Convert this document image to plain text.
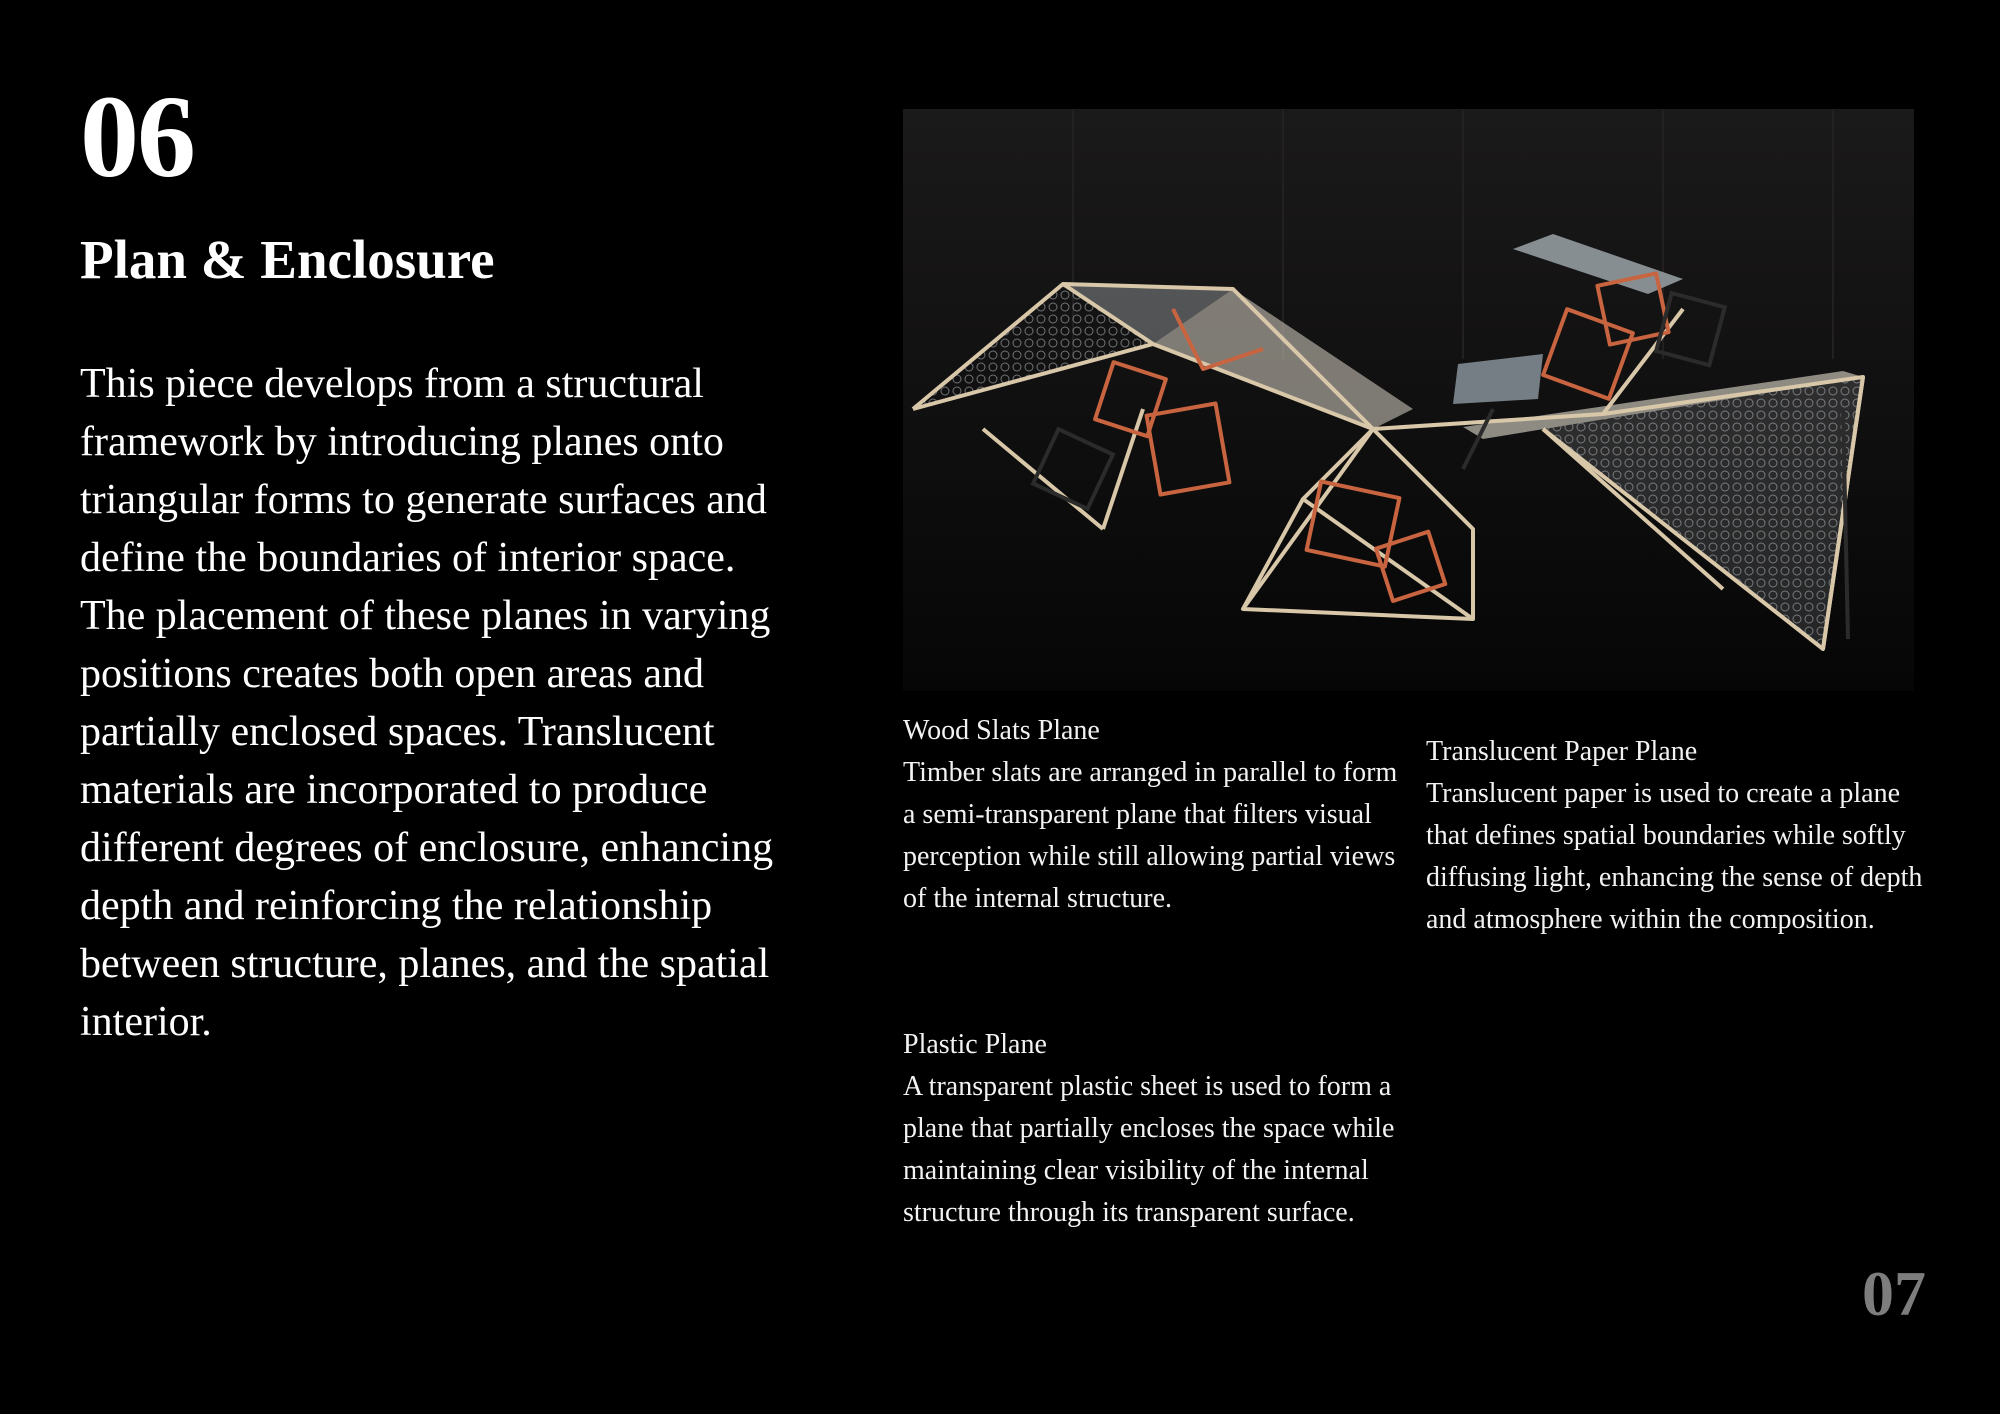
06
Plan & Enclosure
This piece develops from a structural framework by introducing planes onto triangular forms to generate surfaces and define the boundaries of interior space. The placement of these planes in varying positions creates both open areas and partially enclosed spaces. Translucent materials are incorporated to produce different degrees of enclosure, enhancing depth and reinforcing the relationship between structure, planes, and the spatial interior.
Wood Slats Plane
Timber slats are arranged in parallel to form a semi-transparent plane that filters visual perception while still allowing partial views of the internal structure.
Translucent Paper Plane
Translucent paper is used to create a plane that defines spatial boundaries while softly diffusing light, enhancing the sense of depth and atmosphere within the composition.
Plastic Plane
A transparent plastic sheet is used to form a plane that partially encloses the space while maintaining clear visibility of the internal structure through its transparent surface.
07
